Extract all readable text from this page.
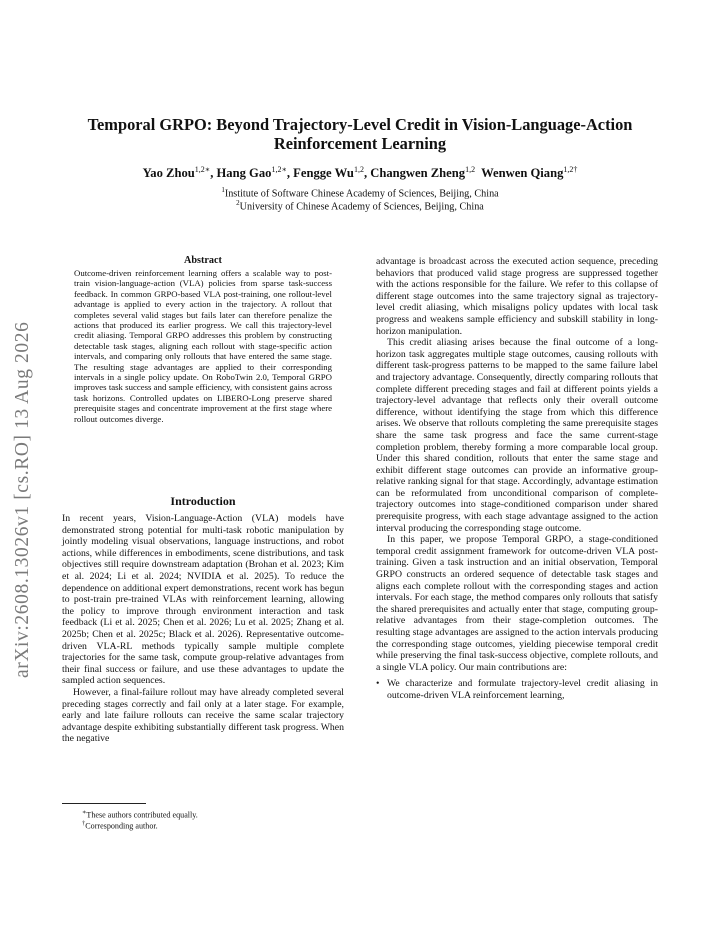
arXiv:2608.13026v1 [cs.RO] 13 Aug 2026
Temporal GRPO: Beyond Trajectory-Level Credit in Vision-Language-Action Reinforcement Learning
Yao Zhou$^{1,2∗}$, Hang Gao$^{1,2∗}$, Fengge Wu$^{1,2}$, Changwen Zheng$^{1,2}$ Wenwen Qiang$^{1,2\dagger}$
$^1$Institute of Software Chinese Academy of Sciences, Beijing, China
$^2$University of Chinese Academy of Sciences, Beijing, China
Abstract

Outcome-driven reinforcement learning offers a scalable way to post-train vision-language-action (VLA) policies from sparse task-success feedback. In common GRPO-based VLA post-training, one rollout-level advantage is applied to every action in the trajectory. A rollout that completes several valid stages but fails later can therefore penalize the actions that produced its earlier progress. We call this trajectory-level credit aliasing. Temporal GRPO addresses this problem by constructing detectable task stages, aligning each rollout with stage-specific action intervals, and comparing only rollouts that have entered the same stage. The resulting stage advantages are applied to their corresponding intervals in a single policy update. On RoboTwin 2.0, Temporal GRPO improves task success and sample efficiency, with consistent gains across task horizons. Controlled updates on LIBERO-Long preserve shared prerequisite stages and concentrate improvement at the first stage where rollout outcomes diverge.

Introduction

In recent years, Vision-Language-Action (VLA) models have demonstrated strong potential for multi-task robotic manipulation by jointly modeling visual observations, language instructions, and robot actions, while differences in embodiments, scene distributions, and task objectives still require downstream adaptation (Brohan et al. 2023; Kim et al. 2024; Li et al. 2024; NVIDIA et al. 2025). To reduce the dependence on additional expert demonstrations, recent work has begun to post-train pre-trained VLAs with reinforcement learning, allowing the policy to improve through environment interaction and task feedback (Li et al. 2025; Chen et al. 2026; Lu et al. 2025; Zhang et al. 2025b; Chen et al. 2025c; Black et al. 2026). Representative outcome-driven VLA-RL methods typically sample multiple complete trajectories for the same task, compute group-relative advantages from their final success or failure, and use these advantages to update the sampled action sequences.

However, a final-failure rollout may have already completed several preceding stages correctly and fail only at a later stage. For example, early and late failure rollouts can receive the same scalar trajectory advantage despite exhibiting substantially different task progress. When the negative

advantage is broadcast across the executed action sequence, preceding behaviors that produced valid stage progress are suppressed together with the actions responsible for the failure. We refer to this collapse of different stage outcomes into the same trajectory signal as trajectory-level credit aliasing, which misaligns policy updates with local task progress and weakens sample efficiency and subskill stability in long-horizon manipulation.

This credit aliasing arises because the final outcome of a long-horizon task aggregates multiple stage outcomes, causing rollouts with different task-progress patterns to be mapped to the same failure label and trajectory advantage. Consequently, directly comparing rollouts that complete different preceding stages and fail at different points yields a trajectory-level advantage that reflects only their overall outcome difference, without identifying the stage from which this difference arises. We observe that rollouts completing the same prerequisite stages share the same task progress and face the same current-stage completion problem, thereby forming a more comparable local group. Under this shared condition, rollouts that enter the same stage and exhibit different stage outcomes can provide an informative group-relative ranking signal for that stage. Accordingly, advantage estimation can be reformulated from unconditional comparison of complete-trajectory outcomes into stage-conditioned comparison under shared prerequisite progress, with each stage advantage assigned to the action interval producing the corresponding stage outcome.

In this paper, we propose Temporal GRPO, a stage-conditioned temporal credit assignment framework for outcome-driven VLA post-training. Given a task instruction and an initial observation, Temporal GRPO constructs an ordered sequence of detectable task stages and aligns each complete rollout with the corresponding stages and action intervals. For each stage, the method compares only rollouts that satisfy the shared prerequisites and actually enter that stage, computing group-relative advantages from their stage-completion outcomes. The resulting stage advantages are assigned to the action intervals producing the corresponding stage outcomes, yielding piecewise temporal credit while preserving the final task-success objective, complete rollouts, and a single VLA policy. Our main contributions are:

• We characterize and formulate trajectory-level credit aliasing in outcome-driven VLA reinforcement learning,
∗These authors contributed equally.
†Corresponding author.
